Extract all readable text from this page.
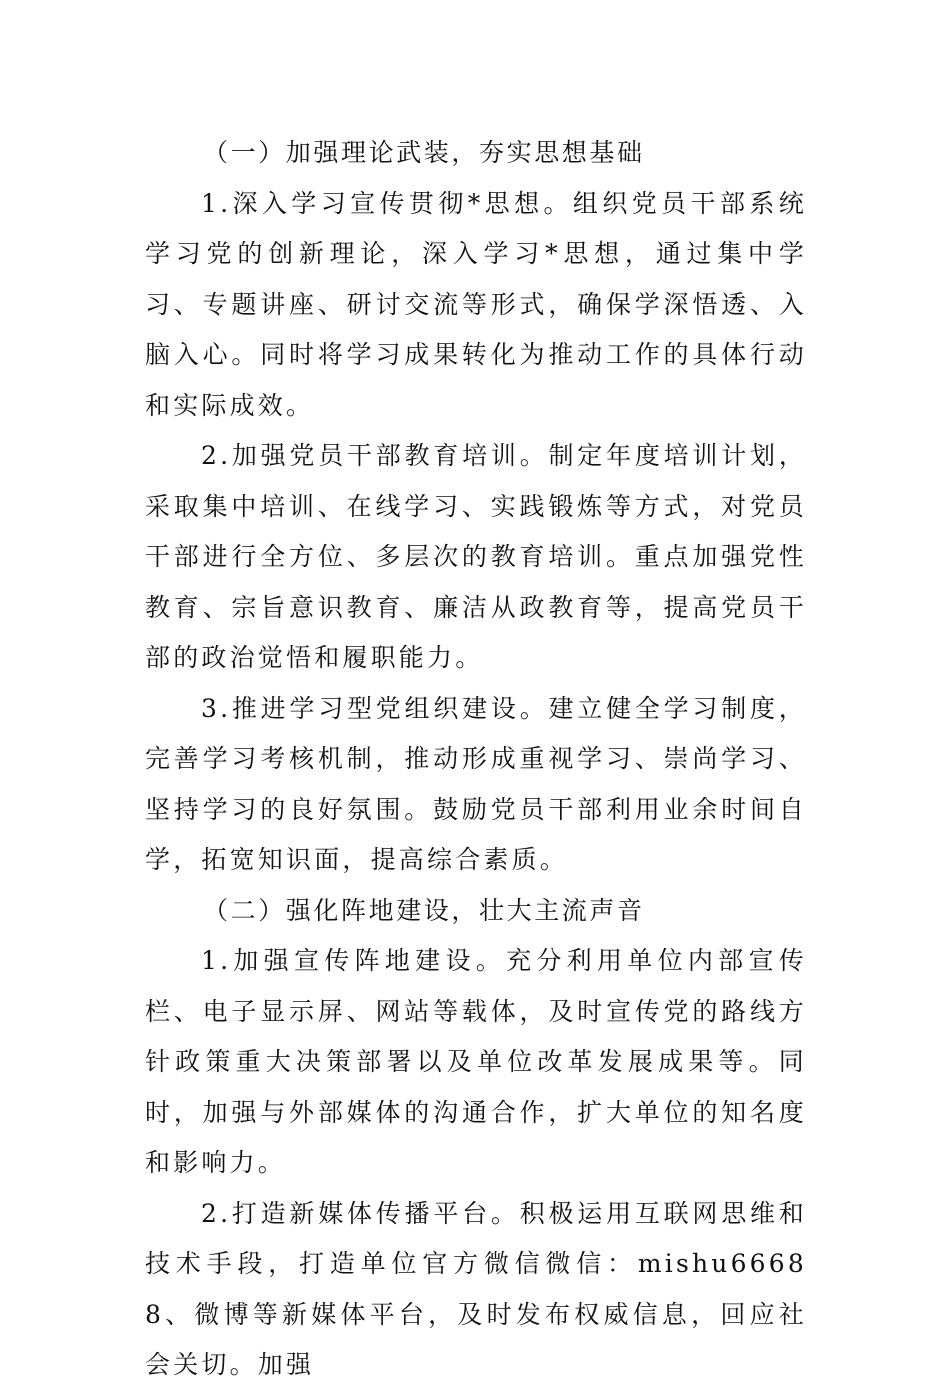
（一）加强理论武装，夯实思想基础

1.深入学习宣传贯彻*思想。组织党员干部系统学习党的创新理论，深入学习*思想，通过集中学习、专题讲座、研讨交流等形式，确保学深悟透、入脑入心。同时将学习成果转化为推动工作的具体行动和实际成效。

2.加强党员干部教育培训。制定年度培训计划，采取集中培训、在线学习、实践锻炼等方式，对党员干部进行全方位、多层次的教育培训。重点加强党性教育、宗旨意识教育、廉洁从政教育等，提高党员干部的政治觉悟和履职能力。

3.推进学习型党组织建设。建立健全学习制度，完善学习考核机制，推动形成重视学习、崇尚学习、坚持学习的良好氛围。鼓励党员干部利用业余时间自学，拓宽知识面，提高综合素质。

（二）强化阵地建设，壮大主流声音

1.加强宣传阵地建设。充分利用单位内部宣传栏、电子显示屏、网站等载体，及时宣传党的路线方针政策重大决策部署以及单位改革发展成果等。同时，加强与外部媒体的沟通合作，扩大单位的知名度和影响力。

2.打造新媒体传播平台。积极运用互联网思维和技术手段，打造单位官方微信微信：mishu66688、微博等新媒体平台，及时发布权威信息，回应社会关切。加强
